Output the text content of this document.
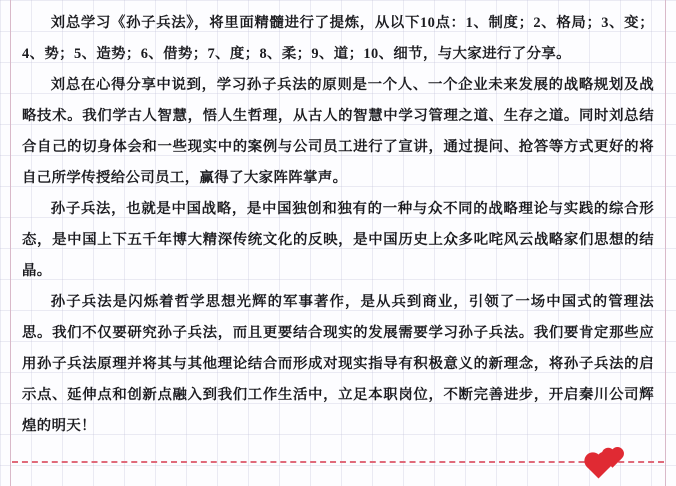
刘总学习《孙子兵法》，将里面精髓进行了提炼，从以下10点：1、制度；2、格局；3、变；4、势；5、造势；6、借势；7、度；8、柔；9、道；10、细节，与大家进行了分享。

刘总在心得分享中说到，学习孙子兵法的原则是一个人、一个企业未来发展的战略规划及战略技术。我们学古人智慧，悟人生哲理，从古人的智慧中学习管理之道、生存之道。同时刘总结合自己的切身体会和一些现实中的案例与公司员工进行了宣讲，通过提问、抢答等方式更好的将自己所学传授给公司员工，赢得了大家阵阵掌声。

孙子兵法，也就是中国战略，是中国独创和独有的一种与众不同的战略理论与实践的综合形态，是中国上下五千年博大精深传统文化的反映，是中国历史上众多叱咤风云战略家们思想的结晶。

孙子兵法是闪烁着哲学思想光辉的军事著作，是从兵到商业，引领了一场中国式的管理法思。我们不仅要研究孙子兵法，而且更要结合现实的发展需要学习孙子兵法。我们要肯定那些应用孙子兵法原理并将其与其他理论结合而形成对现实指导有积极意义的新理念，将孙子兵法的启示点、延伸点和创新点融入到我们工作生活中，立足本职岗位，不断完善进步，开启秦川公司辉煌的明天！
